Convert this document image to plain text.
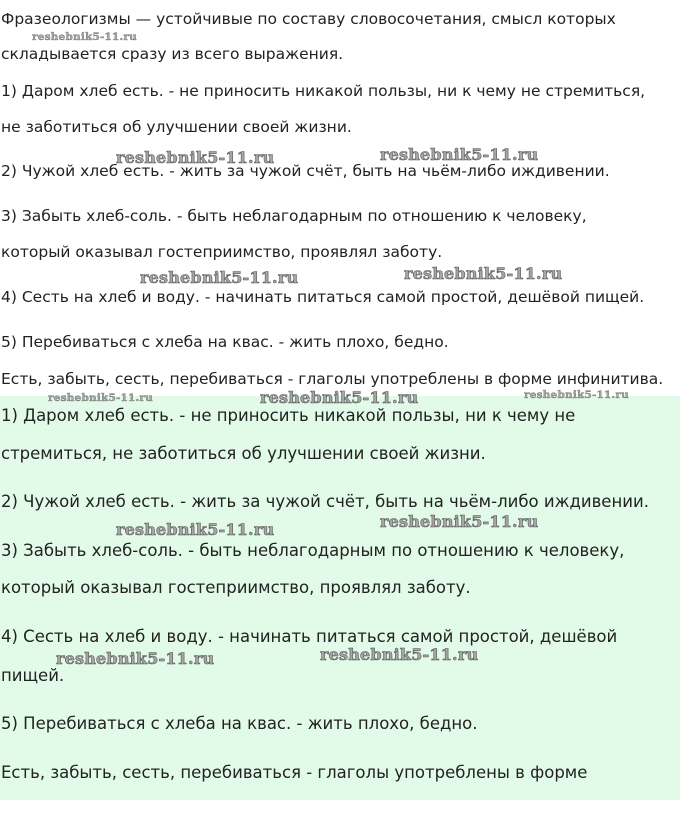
Фразеологизмы — устойчивые по составу словосочетания, смысл которых
складывается сразу из всего выражения.
1) Даром хлеб есть. - не приносить никакой пользы, ни к чему не стремиться,
не заботиться об улучшении своей жизни.
2) Чужой хлеб есть. - жить за чужой счёт, быть на чьём-либо иждивении.
3) Забыть хлеб-соль. - быть неблагодарным по отношению к человеку,
который оказывал гостеприимство, проявлял заботу.
4) Сесть на хлеб и воду. - начинать питаться самой простой, дешёвой пищей.
5) Перебиваться с хлеба на квас. - жить плохо, бедно.
Есть, забыть, сесть, перебиваться - глаголы употреблены в форме инфинитива.
1) Даром хлеб есть. - не приносить никакой пользы, ни к чему не
стремиться, не заботиться об улучшении своей жизни.
2) Чужой хлеб есть. - жить за чужой счёт, быть на чьём-либо иждивении.
3) Забыть хлеб-соль. - быть неблагодарным по отношению к человеку,
который оказывал гостеприимство, проявлял заботу.
4) Сесть на хлеб и воду. - начинать питаться самой простой, дешёвой
пищей.
5) Перебиваться с хлеба на квас. - жить плохо, бедно.
Есть, забыть, сесть, перебиваться - глаголы употреблены в форме
reshebnik5-11.ru
reshebnik5-11.ru	reshebnik5-11.ru
reshebnik5-11.ru	reshebnik5-11.ru
reshebnik5-11.ru	reshebnik5-11.ru	reshebnik5-11.ru
reshebnik5-11.ru	reshebnik5-11.ru
reshebnik5-11.ru	reshebnik5-11.ru
